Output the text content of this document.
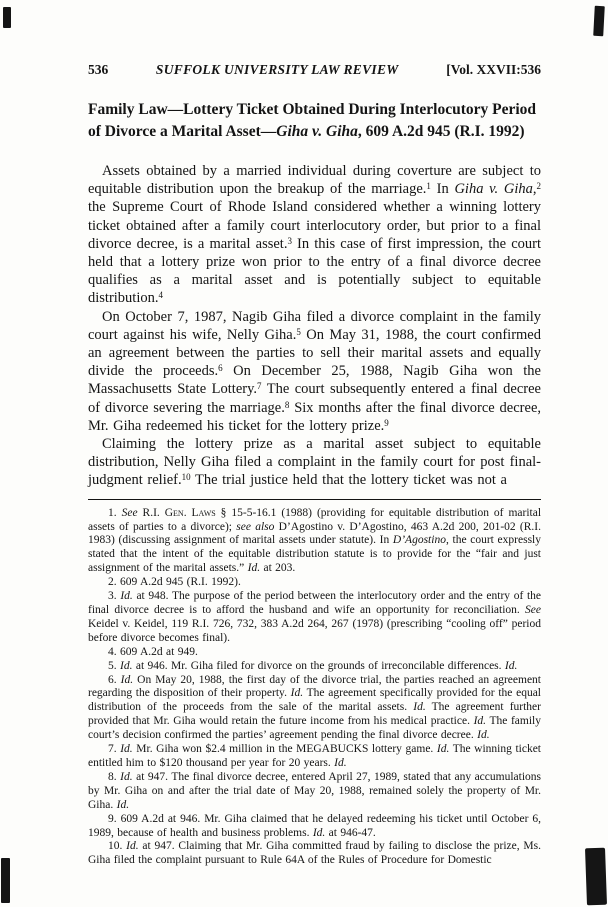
536	SUFFOLK UNIVERSITY LAW REVIEW	[Vol. XXVII:536
Family Law—Lottery Ticket Obtained During Interlocutory Period of Divorce a Marital Asset—Giha v. Giha, 609 A.2d 945 (R.I. 1992)

Assets obtained by a married individual during coverture are subject to equitable distribution upon the breakup of the marriage.$^1$ In Giha v. Giha,$^2$ the Supreme Court of Rhode Island considered whether a winning lottery ticket obtained after a family court interlocutory order, but prior to a final divorce decree, is a marital asset.$^3$ In this case of first impression, the court held that a lottery prize won prior to the entry of a final divorce decree qualifies as a marital asset and is potentially subject to equitable distribution.$^4$

On October 7, 1987, Nagib Giha filed a divorce complaint in the family court against his wife, Nelly Giha.$^5$ On May 31, 1988, the court confirmed an agreement between the parties to sell their marital assets and equally divide the proceeds.$^6$ On December 25, 1988, Nagib Giha won the Massachusetts State Lottery.$^7$ The court subsequently entered a final decree of divorce severing the marriage.$^8$ Six months after the final divorce decree, Mr. Giha redeemed his ticket for the lottery prize.$^9$

Claiming the lottery prize as a marital asset subject to equitable distribution, Nelly Giha filed a complaint in the family court for post final-judgment relief.$^{10}$ The trial justice held that the lottery ticket was not a

1. See R.I. Gen. Laws § 15-5-16.1 (1988) (providing for equitable distribution of marital assets of parties to a divorce); see also D’Agostino v. D’Agostino, 463 A.2d 200, 201-02 (R.I. 1983) (discussing assignment of marital assets under statute). In D’Agostino, the court expressly stated that the intent of the equitable distribution statute is to provide for the “fair and just assignment of the marital assets.” Id. at 203.

2. 609 A.2d 945 (R.I. 1992).

3. Id. at 948. The purpose of the period between the interlocutory order and the entry of the final divorce decree is to afford the husband and wife an opportunity for reconciliation. See Keidel v. Keidel, 119 R.I. 726, 732, 383 A.2d 264, 267 (1978) (prescribing “cooling off” period before divorce becomes final).

4. 609 A.2d at 949.

5. Id. at 946. Mr. Giha filed for divorce on the grounds of irreconcilable differences. Id.

6. Id. On May 20, 1988, the first day of the divorce trial, the parties reached an agreement regarding the disposition of their property. Id. The agreement specifically provided for the equal distribution of the proceeds from the sale of the marital assets. Id. The agreement further provided that Mr. Giha would retain the future income from his medical practice. Id. The family court’s decision confirmed the parties’ agreement pending the final divorce decree. Id.

7. Id. Mr. Giha won $2.4 million in the MEGABUCKS lottery game. Id. The winning ticket entitled him to $120 thousand per year for 20 years. Id.

8. Id. at 947. The final divorce decree, entered April 27, 1989, stated that any accumulations by Mr. Giha on and after the trial date of May 20, 1988, remained solely the property of Mr. Giha. Id.

9. 609 A.2d at 946. Mr. Giha claimed that he delayed redeeming his ticket until October 6, 1989, because of health and business problems. Id. at 946-47.

10. Id. at 947. Claiming that Mr. Giha committed fraud by failing to disclose the prize, Ms. Giha filed the complaint pursuant to Rule 64A of the Rules of Procedure for Domestic
